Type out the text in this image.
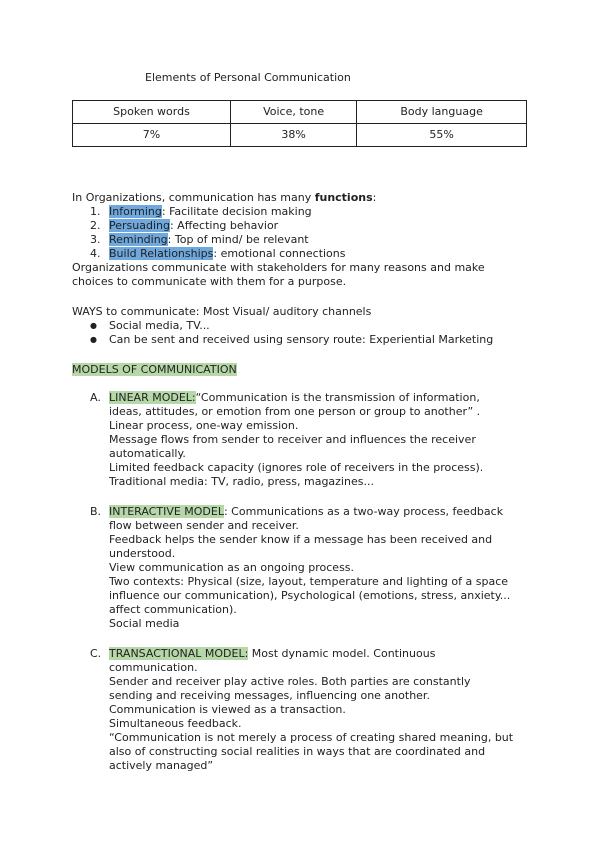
Elements of Personal Communication
Spoken words	Voice, tone	Body language
7%	38%	55%
In Organizations, communication has many functions:
1. Informing: Facilitate decision making
2. Persuading: Affecting behavior
3. Reminding: Top of mind/ be relevant
4. Build Relationships: emotional connections
Organizations communicate with stakeholders for many reasons and make
choices to communicate with them for a purpose.
WAYS to communicate: Most Visual/ auditory channels
● Social media, TV...
● Can be sent and received using sensory route: Experiential Marketing
MODELS OF COMMUNICATION
A. LINEAR MODEL:“Communication is the transmission of information,
ideas, attitudes, or emotion from one person or group to another” .
Linear process, one-way emission.
Message flows from sender to receiver and influences the receiver
automatically.
Limited feedback capacity (ignores role of receivers in the process).
Traditional media: TV, radio, press, magazines...
B. INTERACTIVE MODEL: Communications as a two-way process, feedback
flow between sender and receiver.
Feedback helps the sender know if a message has been received and
understood.
View communication as an ongoing process.
Two contexts: Physical (size, layout, temperature and lighting of a space
influence our communication), Psychological (emotions, stress, anxiety...
affect communication).
Social media
C. TRANSACTIONAL MODEL: Most dynamic model. Continuous
communication.
Sender and receiver play active roles. Both parties are constantly
sending and receiving messages, influencing one another.
Communication is viewed as a transaction.
Simultaneous feedback.
“Communication is not merely a process of creating shared meaning, but
also of constructing social realities in ways that are coordinated and
actively managed”
